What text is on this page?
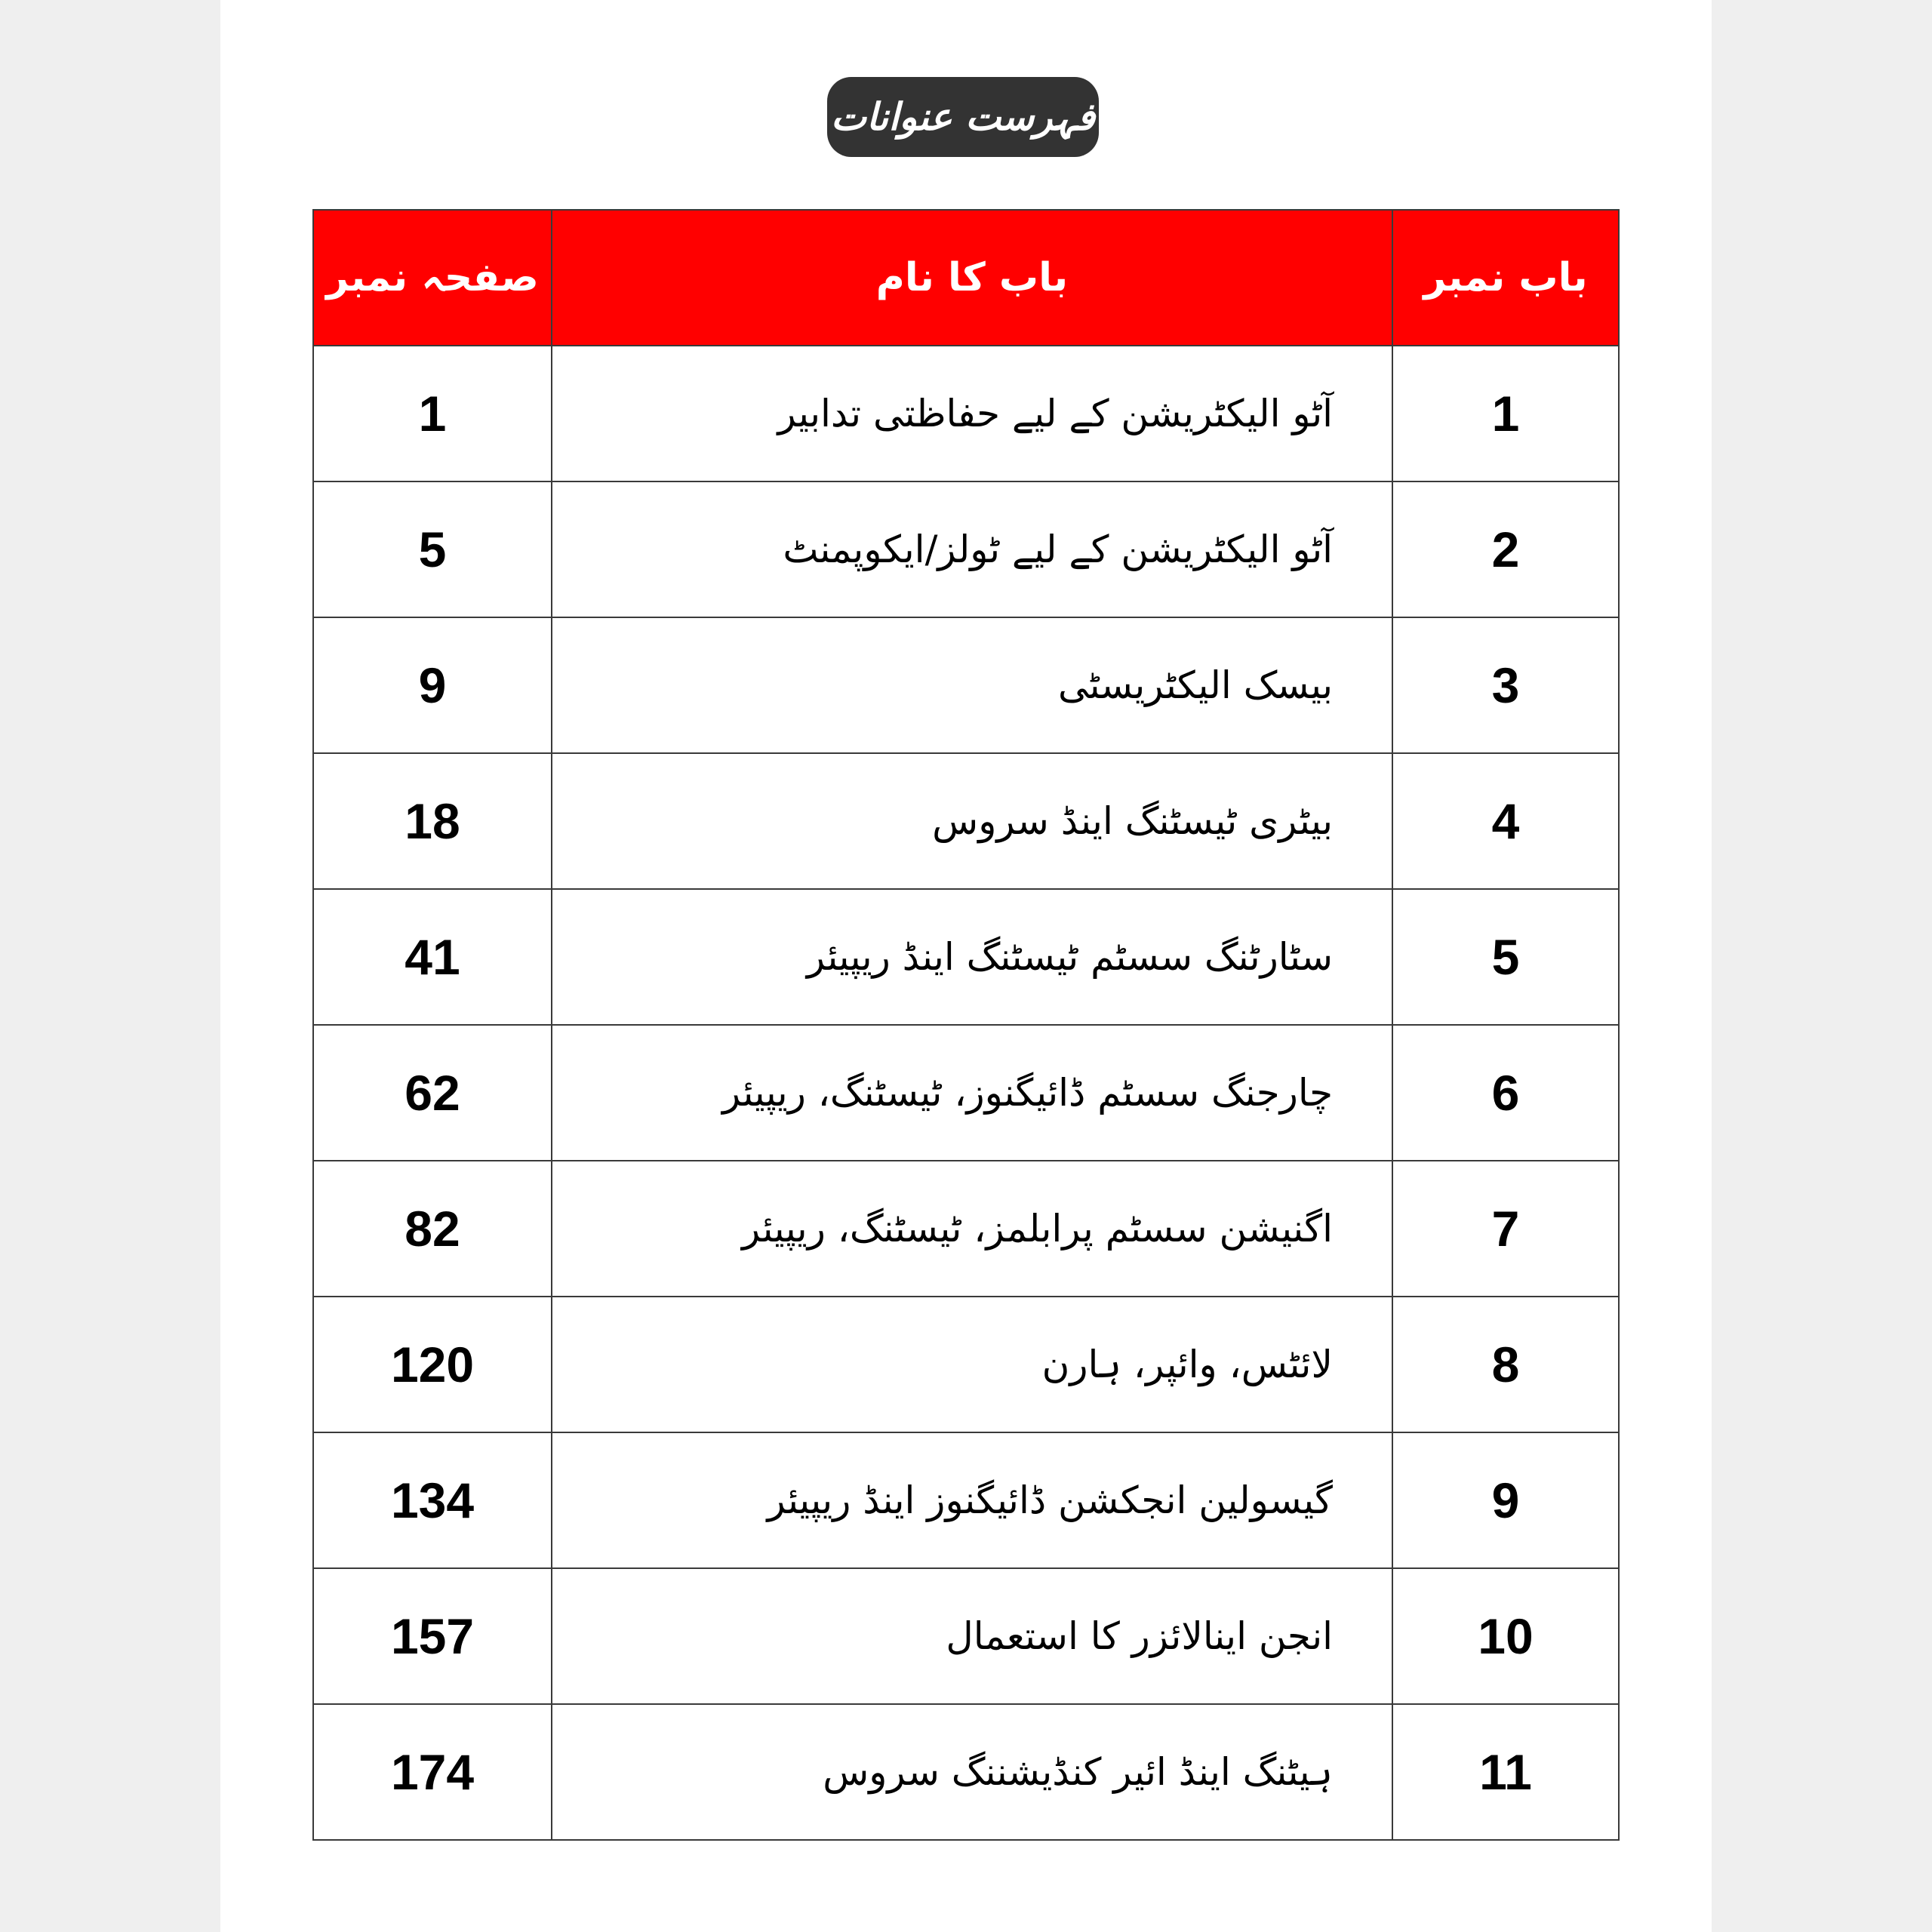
فہرست عنوانات
باب نمبر	باب کا نام	صفحہ نمبر
1	آٹو الیکٹریشن کے لیے حفاظتی تدابیر	1
2	آٹو الیکٹریشن کے لیے ٹولز/ایکوپمنٹ	5
3	بیسک الیکٹریسٹی	9
4	بیٹری ٹیسٹنگ اینڈ سروس	18
5	سٹارٹنگ سسٹم ٹیسٹنگ اینڈ ریپیئر	41
6	چارجنگ سسٹم ڈائیگنوز، ٹیسٹنگ، ریپیئر	62
7	اگنیشن سسٹم پرابلمز، ٹیسٹنگ، ریپیئر	82
8	لائٹس، وائپر، ہارن	120
9	گیسولین انجکشن ڈائیگنوز اینڈ ریپیئر	134
10	انجن اینالائزر کا استعمال	157
11	ہیٹنگ اینڈ ائیر کنڈیشننگ سروس	174
